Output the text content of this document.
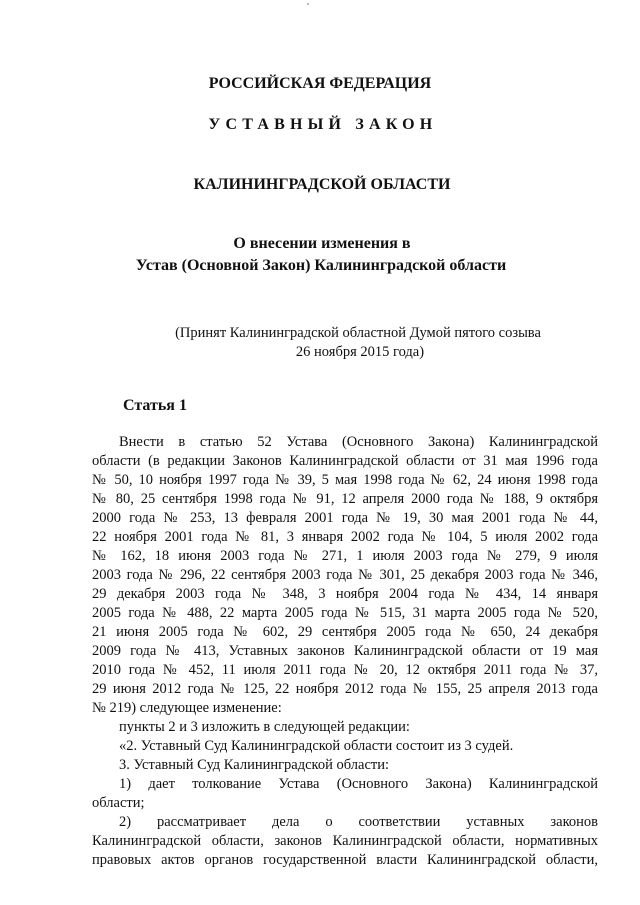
РОССИЙСКАЯ ФЕДЕРАЦИЯ
УСТАВНЫЙ ЗАКОН
КАЛИНИНГРАДСКОЙ ОБЛАСТИ
О внесении изменения в
Устав (Основной Закон) Калининградской области
(Принят Калининградской областной Думой пятого созыва
26 ноября 2015 года)
Статья 1
Внести в статью 52 Устава (Основного Закона) Калининградской
области (в редакции Законов Калининградской области от 31 мая 1996 года
№ 50, 10 ноября 1997 года № 39, 5 мая 1998 года № 62, 24 июня 1998 года
№ 80, 25 сентября 1998 года № 91, 12 апреля 2000 года № 188, 9 октября
2000 года № 253, 13 февраля 2001 года № 19, 30 мая 2001 года № 44,
22 ноября 2001 года № 81, 3 января 2002 года № 104, 5 июля 2002 года
№ 162, 18 июня 2003 года № 271, 1 июля 2003 года № 279, 9 июля
2003 года № 296, 22 сентября 2003 года № 301, 25 декабря 2003 года № 346,
29 декабря 2003 года № 348, 3 ноября 2004 года № 434, 14 января
2005 года № 488, 22 марта 2005 года № 515, 31 марта 2005 года № 520,
21 июня 2005 года № 602, 29 сентября 2005 года № 650, 24 декабря
2009 года № 413, Уставных законов Калининградской области от 19 мая
2010 года № 452, 11 июля 2011 года № 20, 12 октября 2011 года № 37,
29 июня 2012 года № 125, 22 ноября 2012 года № 155, 25 апреля 2013 года
№ 219) следующее изменение:
пункты 2 и 3 изложить в следующей редакции:
«2. Уставный Суд Калининградской области состоит из 3 судей.
3. Уставный Суд Калининградской области:
1) дает толкование Устава (Основного Закона) Калининградской
области;
2) рассматривает дела о соответствии уставных законов
Калининградской области, законов Калининградской области, нормативных
правовых актов органов государственной власти Калининградской области,
